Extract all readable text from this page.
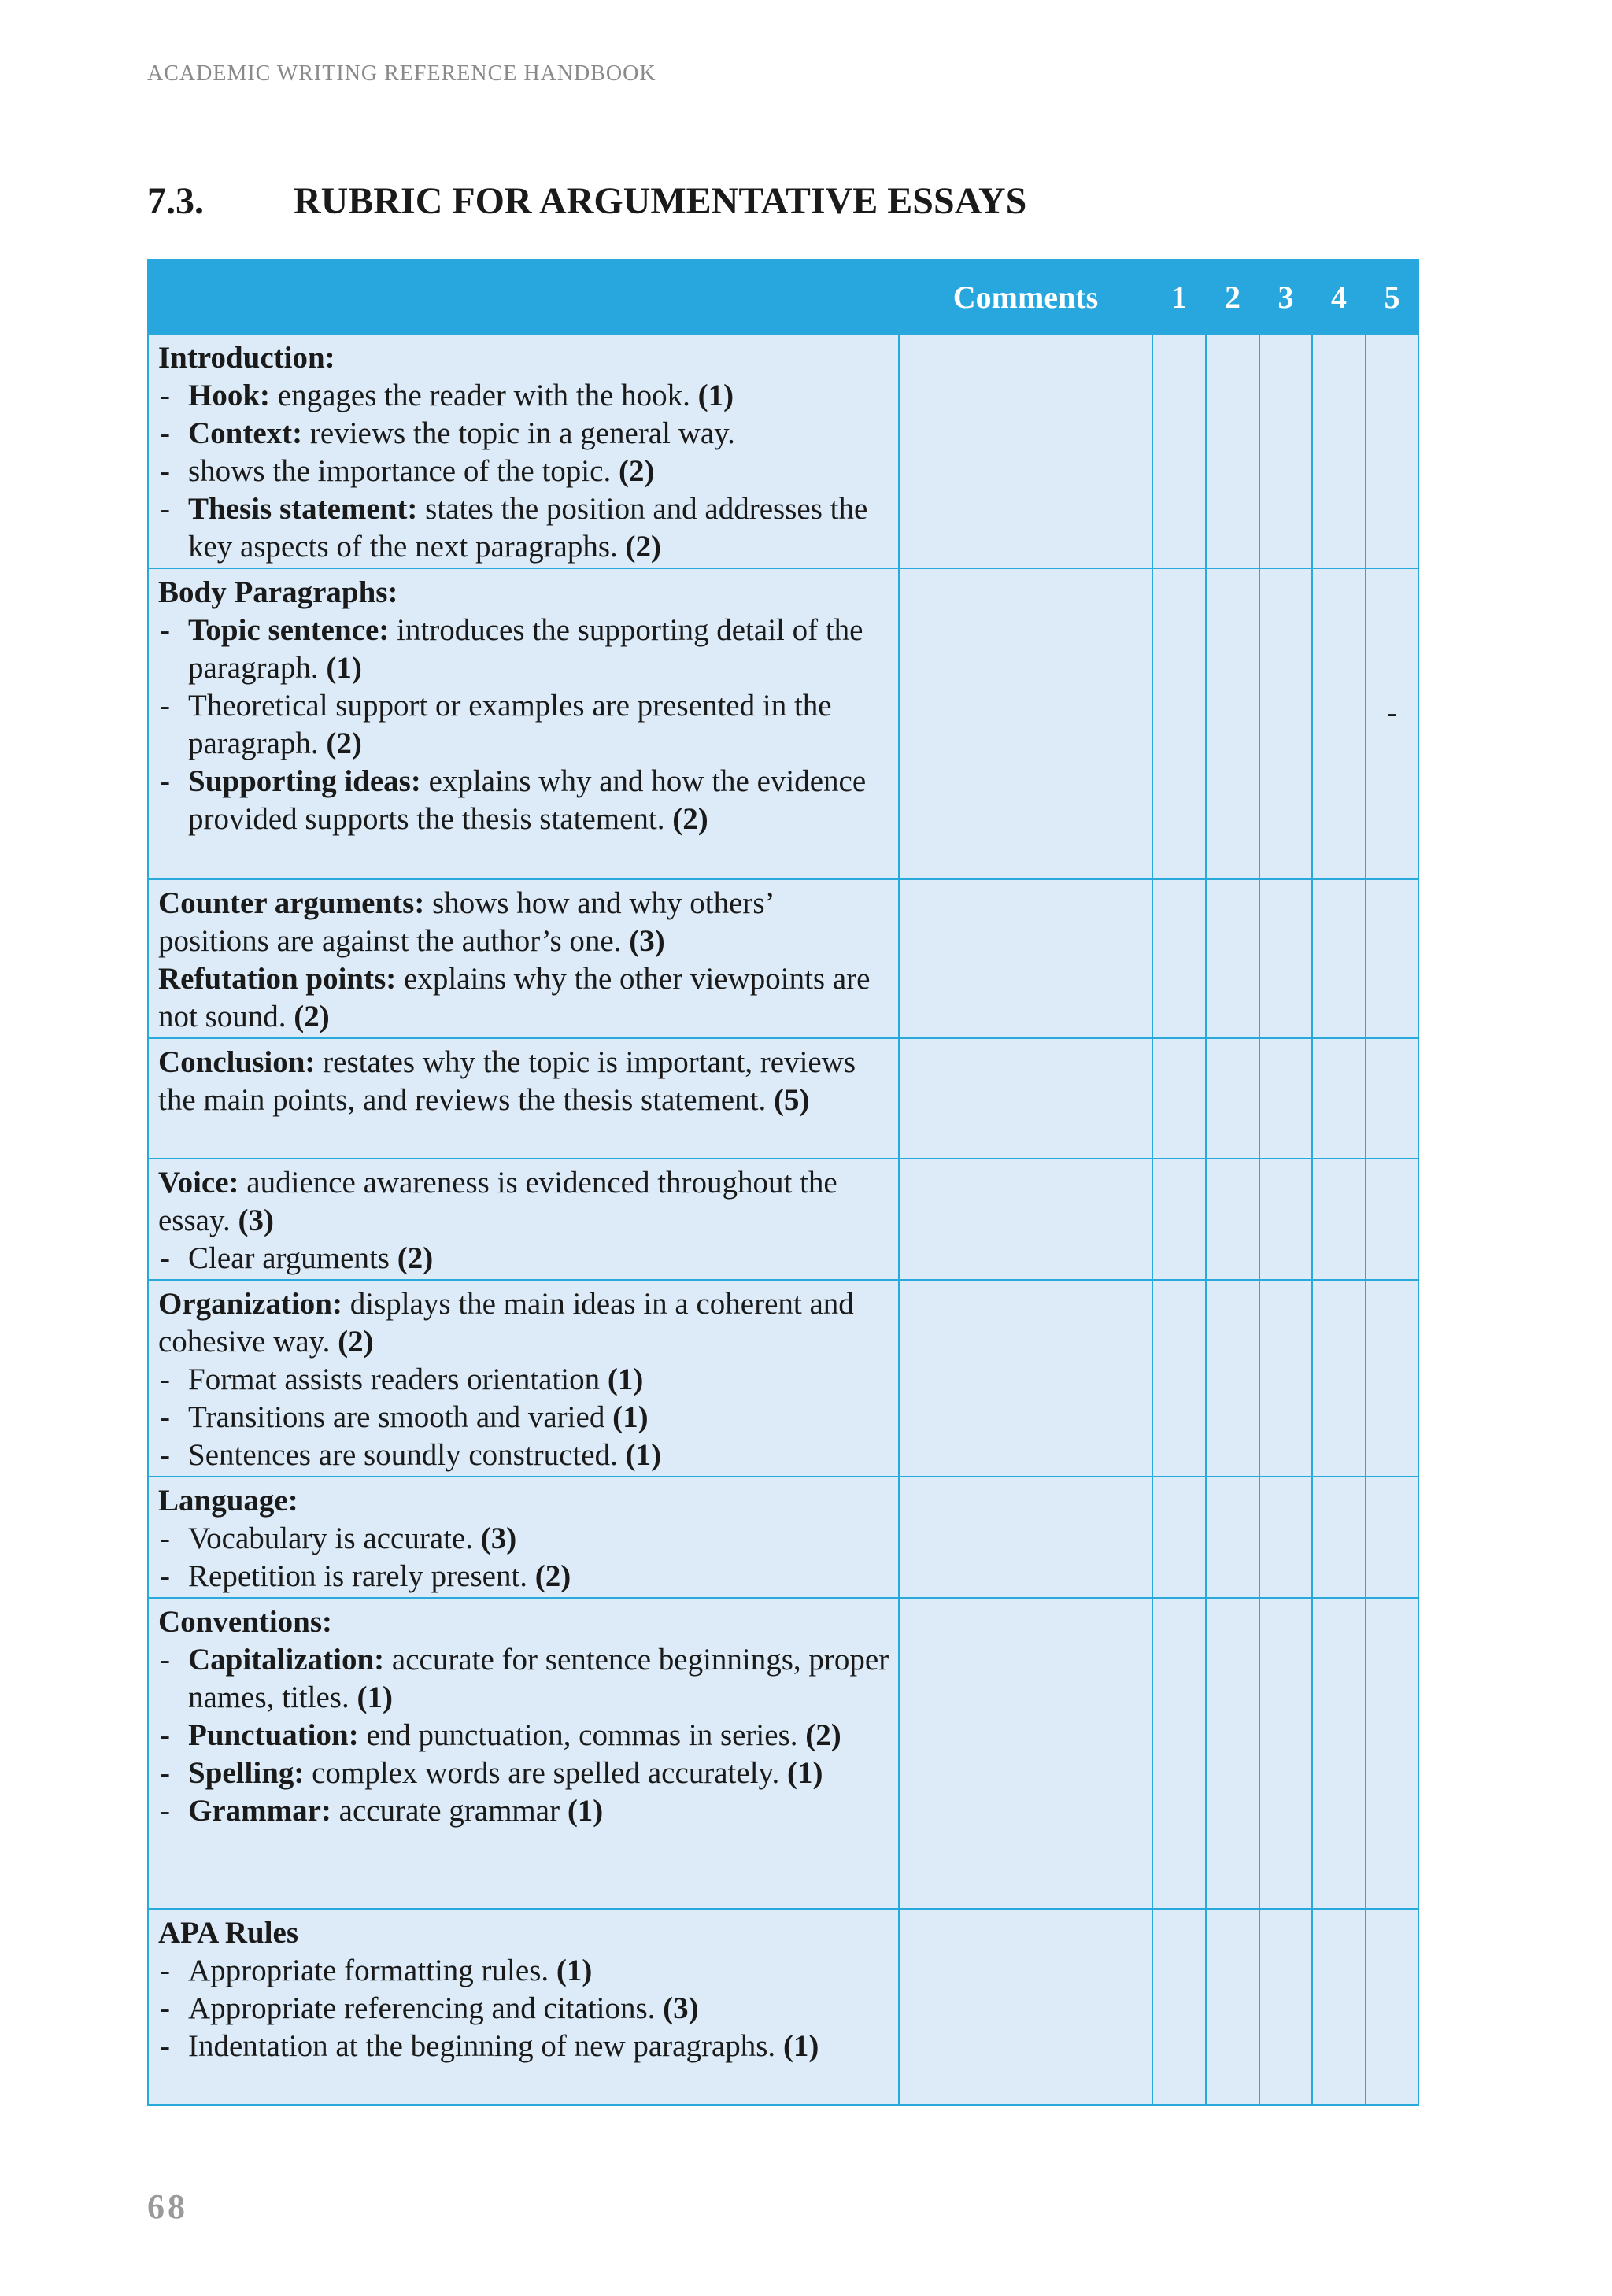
ACADEMIC WRITING REFERENCE HANDBOOK
7.3.	RUBRIC FOR ARGUMENTATIVE ESSAYS
	Comments	1	2	3	4	5

Introduction:
- Hook: engages the reader with the hook. (1)
- Context: reviews the topic in a general way.
- shows the importance of the topic. (2)
- Thesis statement: states the position and addresses the key aspects of the next paragraphs. (2)

Body Paragraphs:
- Topic sentence: introduces the supporting detail of the paragraph. (1)
- Theoretical support or examples are presented in the paragraph. (2)
- Supporting ideas: explains why and how the evidence provided supports the thesis statement. (2)						-

Counter arguments: shows how and why others’ positions are against the author’s one. (3)
Refutation points: explains why the other viewpoints are not sound. (2)						

Conclusion: restates why the topic is important, reviews the main points, and reviews the thesis statement. (5)						

Voice: audience awareness is evidenced throughout the essay. (3)
- Clear arguments (2)

Organization: displays the main ideas in a coherent and cohesive way. (2)
- Format assists readers orientation (1)
- Transitions are smooth and varied (1)
- Sentences are soundly constructed. (1)

Language:
- Vocabulary is accurate. (3)
- Repetition is rarely present. (2)

Conventions:
- Capitalization: accurate for sentence beginnings, proper names, titles. (1)
- Punctuation: end punctuation, commas in series. (2)
- Spelling: complex words are spelled accurately. (1)
- Grammar: accurate grammar (1)

APA Rules
- Appropriate formatting rules. (1)
- Appropriate referencing and citations. (3)
- Indentation at the beginning of new paragraphs. (1)

68
